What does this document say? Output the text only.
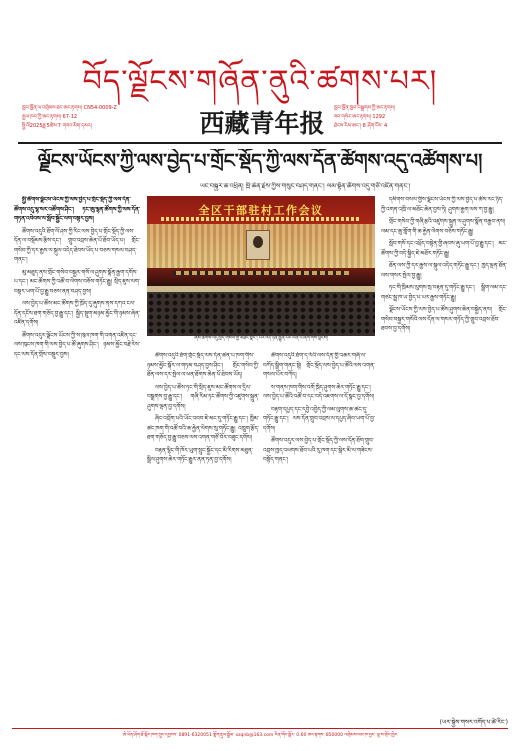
བོད་ལྗོངས་གཞོན་ནུའི་ཚགས་པར།
ཁྱབ་ཁྱོན་ལ་འགྲེམས་ཐང་ཨང་རྟགས། CN54-0009-Z
རྒྱལ་ཁབ་ཀྱི་ཨང་རྟགས། 67-12
སྤྱི་ལོ2025ཟླ་5ཚེས་7 གཟའ་མིག་དམར།	西藏青年报
ཁྱབ་ཁྱོན་ཁྱབ་བསྒྲགས་ཀྱི་ཨང་རྟགས།
ཟབ་གསེར་ཨང་རྟགས། 1292
ཐེངས་རིམ་ཨང་། 8 ཤོག་ངོས་ 4
ལྗོངས་ཡོངས་ཀྱི་ལས་བྱེད་པ་གྲོང་སྡོད་ཀྱི་ལས་དོན་ཚོགས་འདུ་འཚོགས་པ།
ཡང་བསྐྱར་ཆ་འཕྲིན། ཁྲི་ཆེན་རྗེས་ཀྱིས་གསུང་བཤད་གནང་། ལམ་སྟོན་ཚོགས་འདུ་གཙོ་འཛིན་གནང་།
全区干部驻村工作会议
ཞེས་ཚོགས་འདུ་ཁྱད་གསལ་གྱི་མཐོང་སྣང་། པར་འདི་ཉིན་རྒྱུན་པར་ལེན་པ་ཞིག་གིས་བླངས།

སྤྱི་ཚོགས་ལྗོངས་ཡོངས་ཀྱི་ལས་བྱེད་པ་གྲོང་སྡོད་ཀྱི་ལས་དོན་ཚོགས་འདུ་ལྷ་སར་འཚོགས་ཤིང་། ཏང་ཨུ་ལྷན་ཚོགས་ཀྱི་ལས་དོན་གཏན་འབེབས་ལ་སློབ་སྦྱོང་ལག་བསྟར་བྱས།

ཚོགས་འདུའི་ཐོག་ལོ་ཤས་ཀྱི་རིང་ལས་བྱེད་པ་གྲོང་སྡོད་ཀྱི་ལས་དོན་ལ་བསྡོམས་རྩིས་དང་། གྲུབ་འབྲས་ཆེན་པོ་ཐོབ་ཡོད་པ། གྲོང་གསེབ་ཀྱི་དར་རྒྱས་ལ་སྐུལ་འདེད་ཐེབས་ཡོད་པ་བཅས་གསལ་བཤད་གནང་།

མུ་མཐུད་ནས་གྲོང་གསེབ་བསྐྱར་གསོ་ལ་ཤུགས་སྣོན་རྒྱག་དགོས་པ་དང་། མང་ཚོགས་ཀྱི་འཚོ་བ་ལེགས་བཅོས་གཏོང་རྒྱུ། སྲིད་ཇུས་ལག་བསྟར་ཡག་པོ་བྱ་རྒྱུ་བཅས་ནན་བཤད་བྱས།

ལས་བྱེད་པ་ཚོས་མང་ཚོགས་ཀྱི་ཁྲོད་དུ་ཞུགས་ནས་དཀའ་ངལ་དོན་དངོས་ཐག་གཅོད་བྱ་རྒྱུ་དང་། སྐྱིད་སྡུག་མཉམ་མྱོང་གི་ཉམས་ཞེན་འཛིན་དགོས།

ཚོགས་འདུར་ལྗོངས་ཡོངས་ཀྱི་ས་ཁུལ་ཁག་གི་འགན་འཛིན་དང་ལས་ཁུངས་ཁག་གི་ལས་བྱེད་པ་ཚོ་ཞུགས་ཤིང་། ཉམས་མྱོང་བརྗེ་རེས་དང་ལས་དོན་གྲོས་བསྡུར་བྱས།	ཚོགས་འདུའི་ཐོག་གྲོང་སྡོད་ལས་དོན་ཚན་པ་ཁག་གིས་ཉམས་མྱོང་སྐོར་ལ་གཏམ་བཤད་བྱས་ཤིང་། གྲོང་གསེབ་ཀྱི་ཐོན་ལས་དར་སྤེལ་ལ་ཕན་ཐོགས་ཆེན་པོ་ཐེབས་ཡོད།

ལས་བྱེད་པ་ཚོས་ཏང་གི་སྲིད་ཇུས་མང་ཚོགས་ལ་དྲིལ་བསྒྲགས་བྱ་རྒྱུ་དང་། གཞི་རིམ་ཏང་ཚོགས་ཀྱི་འཛུགས་སྐྲུན་ཤུགས་ལྡན་བྱ་དགོས།

ཞིང་འབྲོག་པའི་ཡོང་འབབ་ཇེ་མང་དུ་གཏོང་རྒྱུ་དང་། ཁྱིམ་ཚང་ཁག་གི་འཚོ་བའི་ཆ་རྐྱེན་ལེགས་སུ་གཏོང་རྒྱུ། འཁྲུག་རྩོད་ཐག་གཅོད་བྱ་རྒྱུ་བཅས་ལས་འགན་གཙོ་བོར་བཟུང་དགོས།

བརྟན་ལྷིང་གི་ཁོར་ཡུག་སྲུང་སྐྱོང་དང་མི་རིགས་མཐུན་སྒྲིལ་ཤུགས་ཆེར་གཏོང་རྒྱུར་ནན་ཏན་བྱ་དགོས།

ཚོགས་འདུའི་ཐོག་ད་ལོའི་ལས་དོན་གྱི་འཆར་གཞི་ལ་བཀོད་སྒྲིག་གནང་སྟེ། གྲོང་སྡོད་ལས་བྱེད་པ་ཚོའི་ལས་འགན་གསལ་པོར་བཀོད།

ས་གནས་ཁག་གིས་འགོ་ཁྲིད་ཤུགས་ཆེར་གཏོང་རྒྱུ་དང་། ལས་བྱེད་པ་ཚོའི་འཚོ་བ་དང་བདེ་འཇགས་ལ་དོ་སྣང་བྱ་དགོས།

བརྟག་དཔྱད་དང་དབྱེ་འབྱེད་ཀྱི་ལམ་ལུགས་ཆ་ཚང་དུ་གཏོང་རྒྱུ་དང་། ལས་དོན་གྲུབ་འབྲས་ལ་དཔྱད་ཞིབ་ཡག་པོ་བྱ་དགོས།

ཚོགས་འདུར་ལས་བྱེད་པ་གྲོང་སྡོད་ཀྱི་ལས་དོན་ཐོག་གྲུབ་འབྲས་ཁྱད་འཕགས་ཐོབ་པའི་རུ་ཁག་དང་སྒེར་མི་ལ་གཟེངས་བསྟོད་གནང་།

དམིགས་བསལ་གྱིས་ལྗོངས་ཡོངས་ཀྱི་ལས་བྱེད་པ་ཚོས་རང་ཉིད་ཀྱི་འགན་འཁྲི་ལ་མཐོང་ཆེན་བྱས་ཏེ། ཤུགས་རྒྱག་ལས་ཀ་བྱ་རྒྱུ།

གྲོང་གསེབ་ཀྱི་གཞི་རྩའི་འཛུགས་སྐྲུན་ལ་ཤུགས་སྣོན་བརྒྱབ་ནས། ལམ་དང་ཆུ་གློག་གི་ཆ་རྐྱེན་ལེགས་བཅོས་གཏོང་རྒྱུ།

སློབ་གསོ་དང་འཕྲོད་བསྟེན་གྱི་ཞབས་ཞུ་ཡག་པོ་བྱ་རྒྱུ་དང་། མང་ཚོགས་ཀྱི་བདེ་སྐྱིད་ཇེ་མཐོར་གཏོང་རྒྱུ།

ཐོན་ལས་ཀྱི་དར་རྒྱས་ལ་སྐུལ་འདེད་གཏོང་རྒྱུ་དང་། ཁྱད་ལྡན་ཐོན་ལས་གསར་སྤེལ་བྱ་རྒྱུ།

ཏང་གི་ཁྲིམས་ལུགས་སྲ་བརྟན་དུ་གཏོང་རྒྱུ་དང་། སྒྲིག་ལམ་དང་གཙང་སྦྲ་ཁ་ཡ་བྱེད་པ་ཡར་རྒྱས་གཏོང་རྒྱུ།

ལྗོངས་ཡོངས་ཀྱི་ལས་བྱེད་པ་ཚོས་ཤུགས་ཆེན་བསྐྱེད་ནས། གྲོང་གསེབ་བསྐྱར་གསོའི་ལས་དོན་ལ་གསར་གཏོད་ཀྱི་གྲུབ་འབྲས་ཐོབ་ཐབས་བྱ་དགོས།

(ཡར་སྐྱེས་གསར་འགོད་པ་ཚེ་རིང་)
ཨེ་ཕོན་ཤོག་ཐོ་སྐོར་ཁག་ཀྲུང་དབྱངས་ 0891-6320051 གློག་རྡུལ་སྒྲོམ་ xzqnb@163.com རིན་གོང་སྒོར་ 0.60 ཨང་རྟགས་ 850000 འགྲེམས་ལམ་ཁ་བྱང་ ལྷ་ས་གྲོང་ཁྱེར
